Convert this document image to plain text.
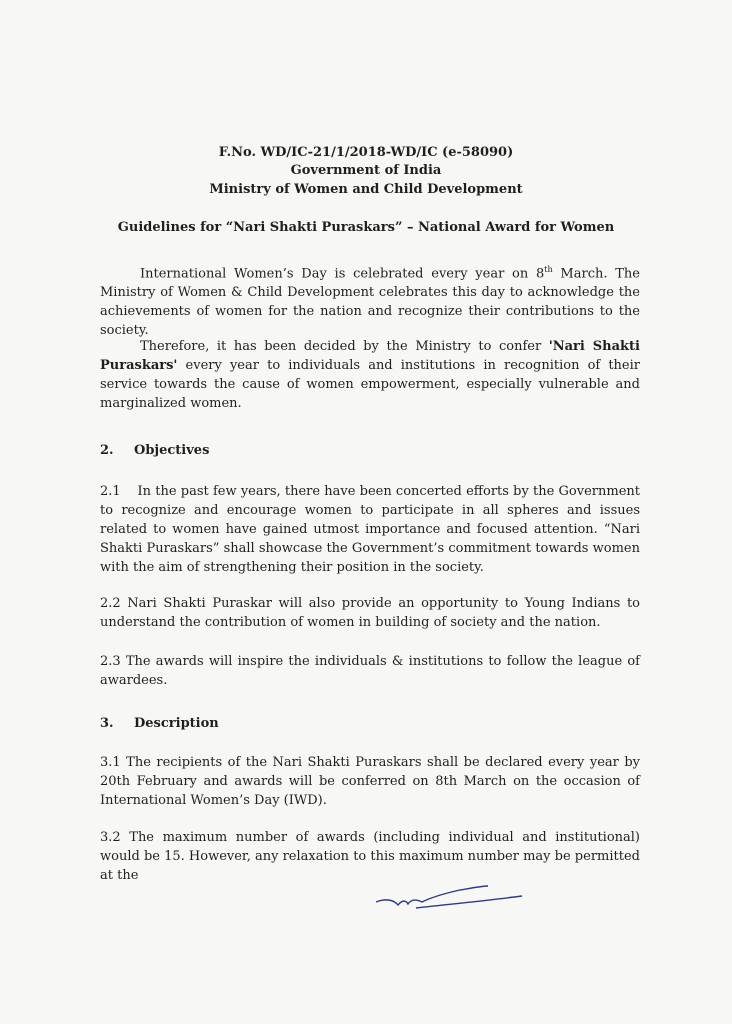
F.No. WD/IC-21/1/2018-WD/IC (e-58090)
Government of India
Ministry of Women and Child Development
Guidelines for “Nari Shakti Puraskars” – National Award for Women

International Women’s Day is celebrated every year on 8th March. The Ministry of Women & Child Development celebrates this day to acknowledge the achievements of women for the nation and recognize their contributions to the society.

Therefore, it has been decided by the Ministry to confer 'Nari Shakti Puraskars' every year to individuals and institutions in recognition of their service towards the cause of women empowerment, especially vulnerable and marginalized women.

2. Objectives

2.1    In the past few years, there have been concerted efforts by the Government to recognize and encourage women to participate in all spheres and issues related to women have gained utmost importance and focused attention. “Nari Shakti Puraskars” shall showcase the Government’s commitment towards women with the aim of strengthening their position in the society.

2.2 Nari Shakti Puraskar will also provide an opportunity to Young Indians to understand the contribution of women in building of society and the nation.

2.3 The awards will inspire the individuals & institutions to follow the league of awardees.

3. Description

3.1 The recipients of the Nari Shakti Puraskars shall be declared every year by 20th February and awards will be conferred on 8th March on the occasion of International Women’s Day (IWD).

3.2 The maximum number of awards (including individual and institutional) would be 15. However, any relaxation to this maximum number may be permitted at the
